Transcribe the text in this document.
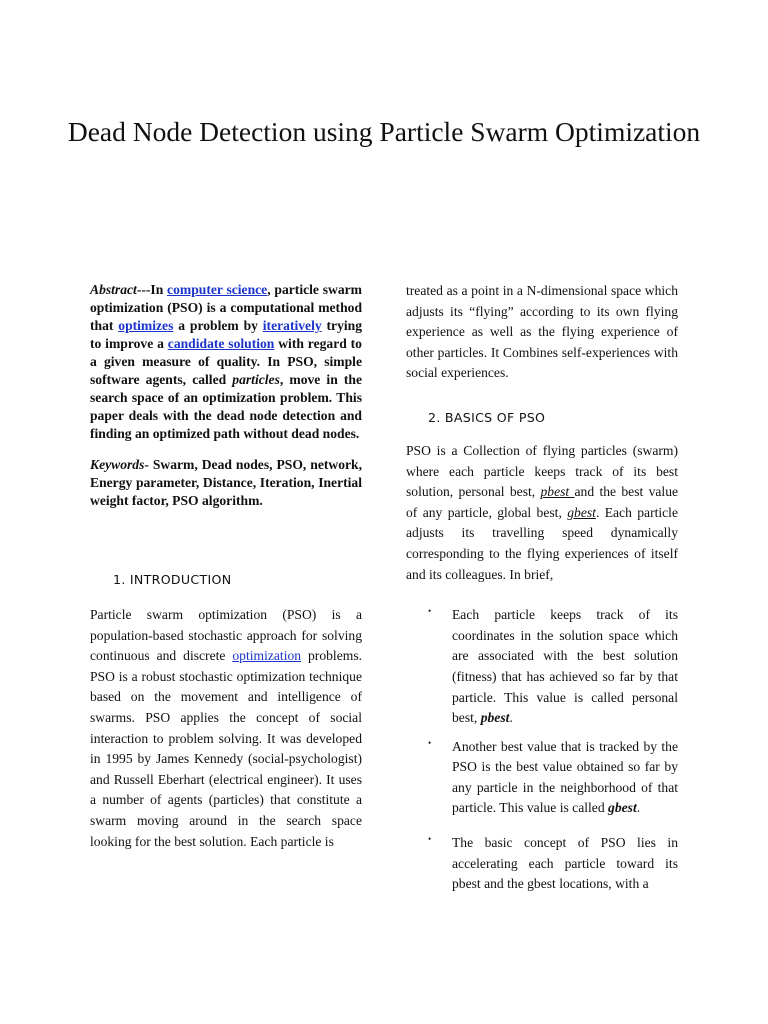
Dead Node Detection using Particle Swarm Optimization

Abstract---In computer science, particle swarm optimization (PSO) is a computational method that optimizes a problem by iteratively trying to improve a candidate solution with regard to a given measure of quality. In PSO, simple software agents, called particles, move in the search space of an optimization problem. This paper deals with the dead node detection and finding an optimized path without dead nodes.

Keywords- Swarm, Dead nodes, PSO, network, Energy parameter, Distance, Iteration, Inertial weight factor, PSO algorithm.

1. INTRODUCTION

Particle swarm optimization (PSO) is a population-based stochastic approach for solving continuous and discrete optimization problems. PSO is a robust stochastic optimization technique based on the movement and intelligence of swarms. PSO applies the concept of social interaction to problem solving. It was developed in 1995 by James Kennedy (social-psychologist) and Russell Eberhart (electrical engineer). It uses a number of agents (particles) that constitute a swarm moving around in the search space looking for the best solution. Each particle is

treated as a point in a N-dimensional space which adjusts its “flying” according to its own flying experience as well as the flying experience of other particles. It Combines self-experiences with social experiences.

2. BASICS OF PSO

PSO is a Collection of flying particles (swarm) where each particle keeps track of its best solution, personal best, pbest and the best value of any particle, global best, gbest. Each particle adjusts its travelling speed dynamically corresponding to the flying experiences of itself and its colleagues. In brief,

• Each particle keeps track of its coordinates in the solution space which are associated with the best solution (fitness) that has achieved so far by that particle. This value is called personal best, pbest.
• Another best value that is tracked by the PSO is the best value obtained so far by any particle in the neighborhood of that particle. This value is called gbest.
• The basic concept of PSO lies in accelerating each particle toward its pbest and the gbest locations, with a
